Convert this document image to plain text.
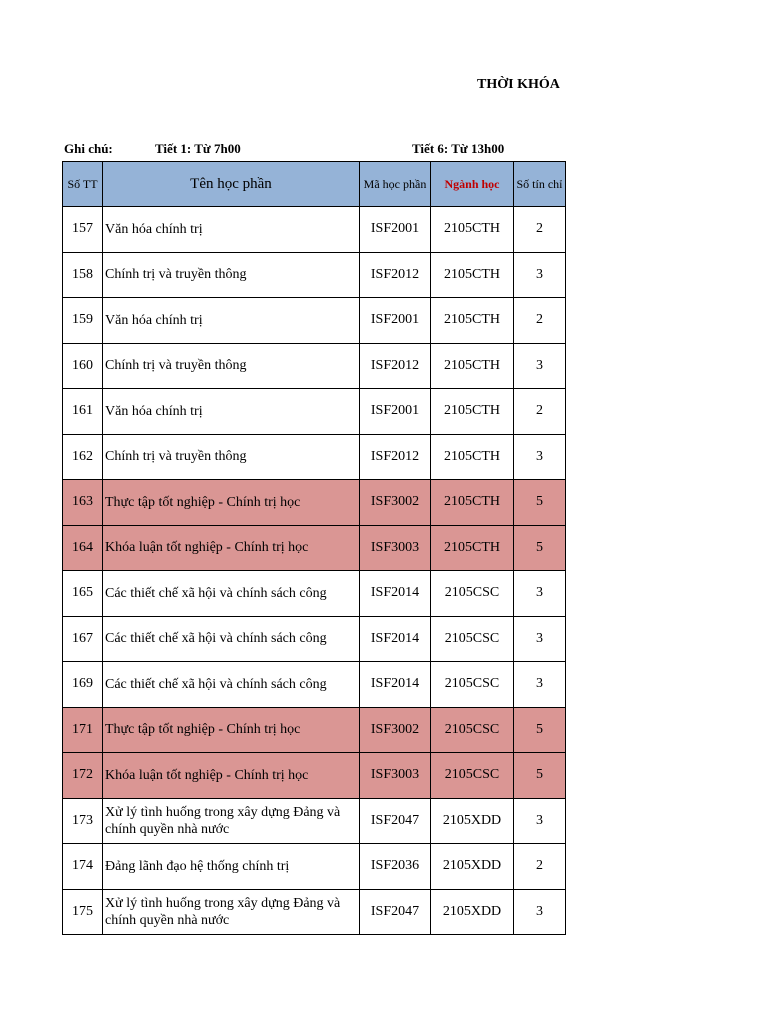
THỜI KHÓA
Ghi chú:	Tiết 1: Từ 7h00	Tiết 6: Từ 13h00
Số TT	Tên học phần	Mã học phần	Ngành học	Số tín chỉ
157	Văn hóa chính trị	ISF2001	2105CTH	2
158	Chính trị và truyền thông	ISF2012	2105CTH	3
159	Văn hóa chính trị	ISF2001	2105CTH	2
160	Chính trị và truyền thông	ISF2012	2105CTH	3
161	Văn hóa chính trị	ISF2001	2105CTH	2
162	Chính trị và truyền thông	ISF2012	2105CTH	3
163	Thực tập tốt nghiệp - Chính trị học	ISF3002	2105CTH	5
164	Khóa luận tốt nghiệp - Chính trị học	ISF3003	2105CTH	5
165	Các thiết chế xã hội và chính sách công	ISF2014	2105CSC	3
167	Các thiết chế xã hội và chính sách công	ISF2014	2105CSC	3
169	Các thiết chế xã hội và chính sách công	ISF2014	2105CSC	3
171	Thực tập tốt nghiệp - Chính trị học	ISF3002	2105CSC	5
172	Khóa luận tốt nghiệp - Chính trị học	ISF3003	2105CSC	5
173	Xử lý tình huống trong xây dựng Đảng và chính quyền nhà nước	ISF2047	2105XDD	3
174	Đảng lãnh đạo hệ thống chính trị	ISF2036	2105XDD	2
175	Xử lý tình huống trong xây dựng Đảng và chính quyền nhà nước	ISF2047	2105XDD	3
